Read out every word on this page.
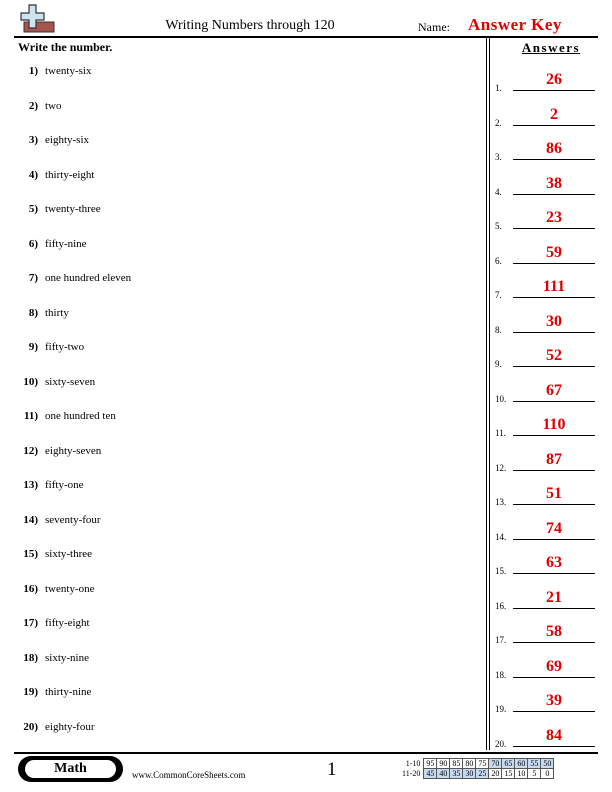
Writing Numbers through 120	Name: Answer Key
Write the number.	Answers
1) twenty-six
2) two
3) eighty-six
4) thirty-eight
5) twenty-three
6) fifty-nine
7) one hundred eleven
8) thirty
9) fifty-two
10) sixty-seven
11) one hundred ten
12) eighty-seven
13) fifty-one
14) seventy-four
15) sixty-three
16) twenty-one
17) fifty-eight
18) sixty-nine
19) thirty-nine
20) eighty-four
1.	26
2.	2
3.	86
4.	38
5.	23
6.	59
7.	111
8.	30
9.	52
10.	67
11.	110
12.	87
13.	51
14.	74
15.	63
16.	21
17.	58
18.	69
19.	39
20.	84
Math	www.CommonCoreSheets.com	1	1-10	95	90	85	80	75	70	65	60	55	50
11-20	45	40	35	30	25	20	15	10	5	0
